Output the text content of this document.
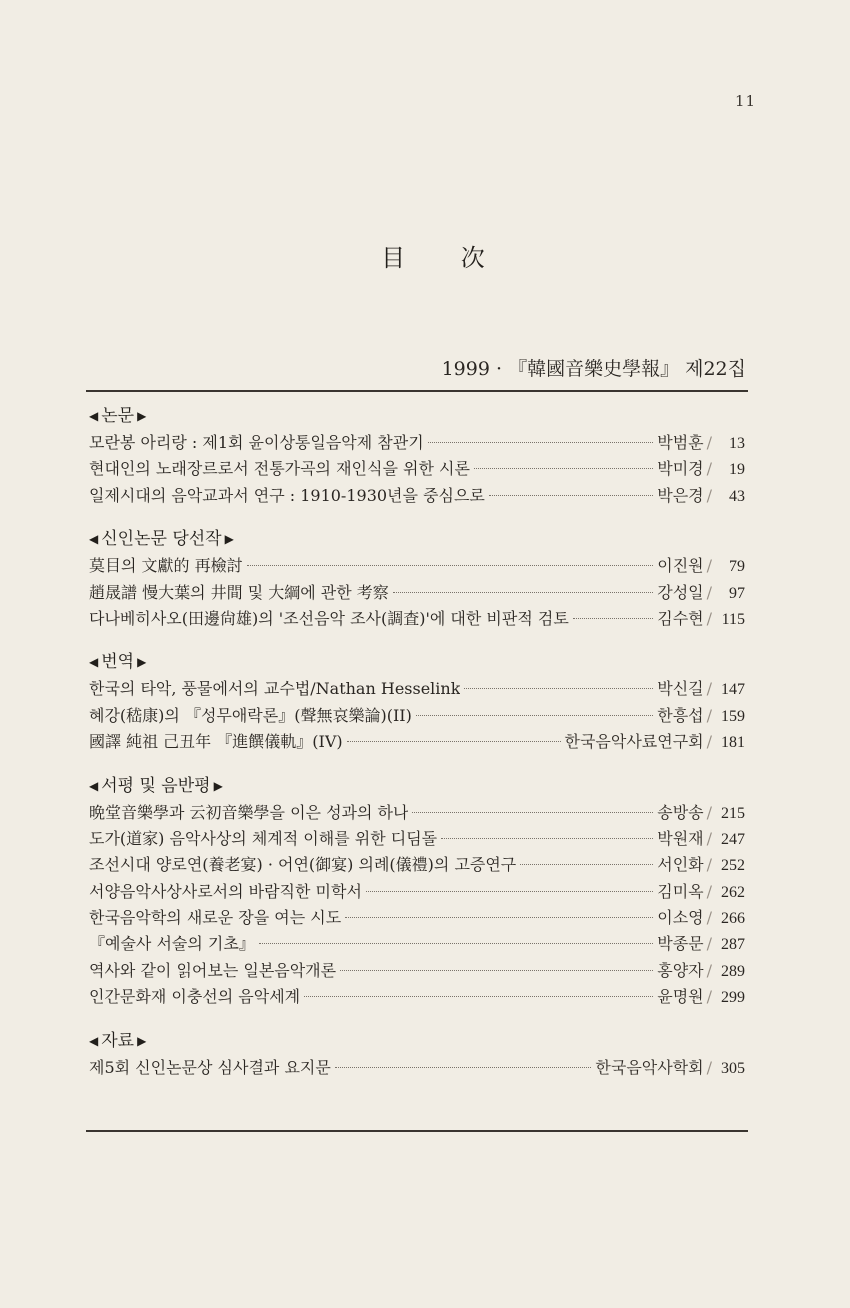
11
目 次
1999 · 『韓國音樂史學報』 제22집
◀ 논문 ▶
모란봉 아리랑 : 제1회 윤이상통일음악제 참관기	박범훈 /	13
현대인의 노래장르로서 전통가곡의 재인식을 위한 시론	박미경 /	19
일제시대의 음악교과서 연구 : 1910-1930년을 중심으로	박은경 /	43
◀ 신인논문 당선작 ▶
莫目의 文獻的 再檢討	이진원 /	79
趙晟譜 慢大葉의 井間 및 大綱에 관한 考察	강성일 /	97
다나베히사오(田邊尙雄)의 '조선음악 조사(調査)'에 대한 비판적 검토	김수현 / 115
◀ 번역 ▶
한국의 타악, 풍물에서의 교수법/Nathan Hesselink	박신길 / 147
혜강(嵇康)의 『성무애락론』(聲無哀樂論)(II)	한흥섭 / 159
國譯 純祖 己丑年 『進饌儀軌』(IV)	한국음악사료연구회 / 181
◀ 서평 및 음반평 ▶
晩堂音樂學과 云初音樂學을 이은 성과의 하나	송방송 / 215
도가(道家) 음악사상의 체계적 이해를 위한 디딤돌	박원재 / 247
조선시대 양로연(養老宴) · 어연(御宴) 의례(儀禮)의 고증연구	서인화 / 252
서양음악사상사로서의 바람직한 미학서	김미옥 / 262
한국음악학의 새로운 장을 여는 시도	이소영 / 266
『예술사 서술의 기초』	박종문 / 287
역사와 같이 읽어보는 일본음악개론	홍양자 / 289
인간문화재 이충선의 음악세계	윤명원 / 299
◀ 자료 ▶
제5회 신인논문상 심사결과 요지문	한국음악사학회 / 305
